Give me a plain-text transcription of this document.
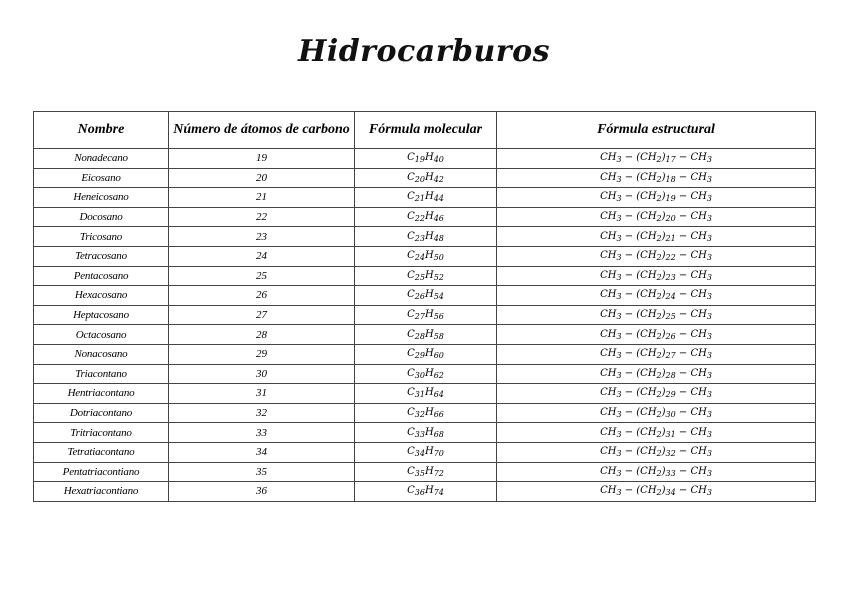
Hidrocarburos
Nombre	Número de átomos de carbono	Fórmula molecular	Fórmula estructural
Nonadecano	19	$C_{19}H_{40}$	$CH_3 - (CH_2)_{17} - CH_3$
Eicosano	20	$C_{20}H_{42}$	$CH_3 - (CH_2)_{18} - CH_3$
Heneicosano	21	$C_{21}H_{44}$	$CH_3 - (CH_2)_{19} - CH_3$
Docosano	22	$C_{22}H_{46}$	$CH_3 - (CH_2)_{20} - CH_3$
Tricosano	23	$C_{23}H_{48}$	$CH_3 - (CH_2)_{21} - CH_3$
Tetracosano	24	$C_{24}H_{50}$	$CH_3 - (CH_2)_{22} - CH_3$
Pentacosano	25	$C_{25}H_{52}$	$CH_3 - (CH_2)_{23} - CH_3$
Hexacosano	26	$C_{26}H_{54}$	$CH_3 - (CH_2)_{24} - CH_3$
Heptacosano	27	$C_{27}H_{56}$	$CH_3 - (CH_2)_{25} - CH_3$
Octacosano	28	$C_{28}H_{58}$	$CH_3 - (CH_2)_{26} - CH_3$
Nonacosano	29	$C_{29}H_{60}$	$CH_3 - (CH_2)_{27} - CH_3$
Triacontano	30	$C_{30}H_{62}$	$CH_3 - (CH_2)_{28} - CH_3$
Hentriacontano	31	$C_{31}H_{64}$	$CH_3 - (CH_2)_{29} - CH_3$
Dotriacontano	32	$C_{32}H_{66}$	$CH_3 - (CH_2)_{30} - CH_3$
Tritriacontano	33	$C_{33}H_{68}$	$CH_3 - (CH_2)_{31} - CH_3$
Tetratiacontano	34	$C_{34}H_{70}$	$CH_3 - (CH_2)_{32} - CH_3$
Pentatriacontiano	35	$C_{35}H_{72}$	$CH_3 - (CH_2)_{33} - CH_3$
Hexatriacontiano	36	$C_{36}H_{74}$	$CH_3 - (CH_2)_{34} - CH_3$
